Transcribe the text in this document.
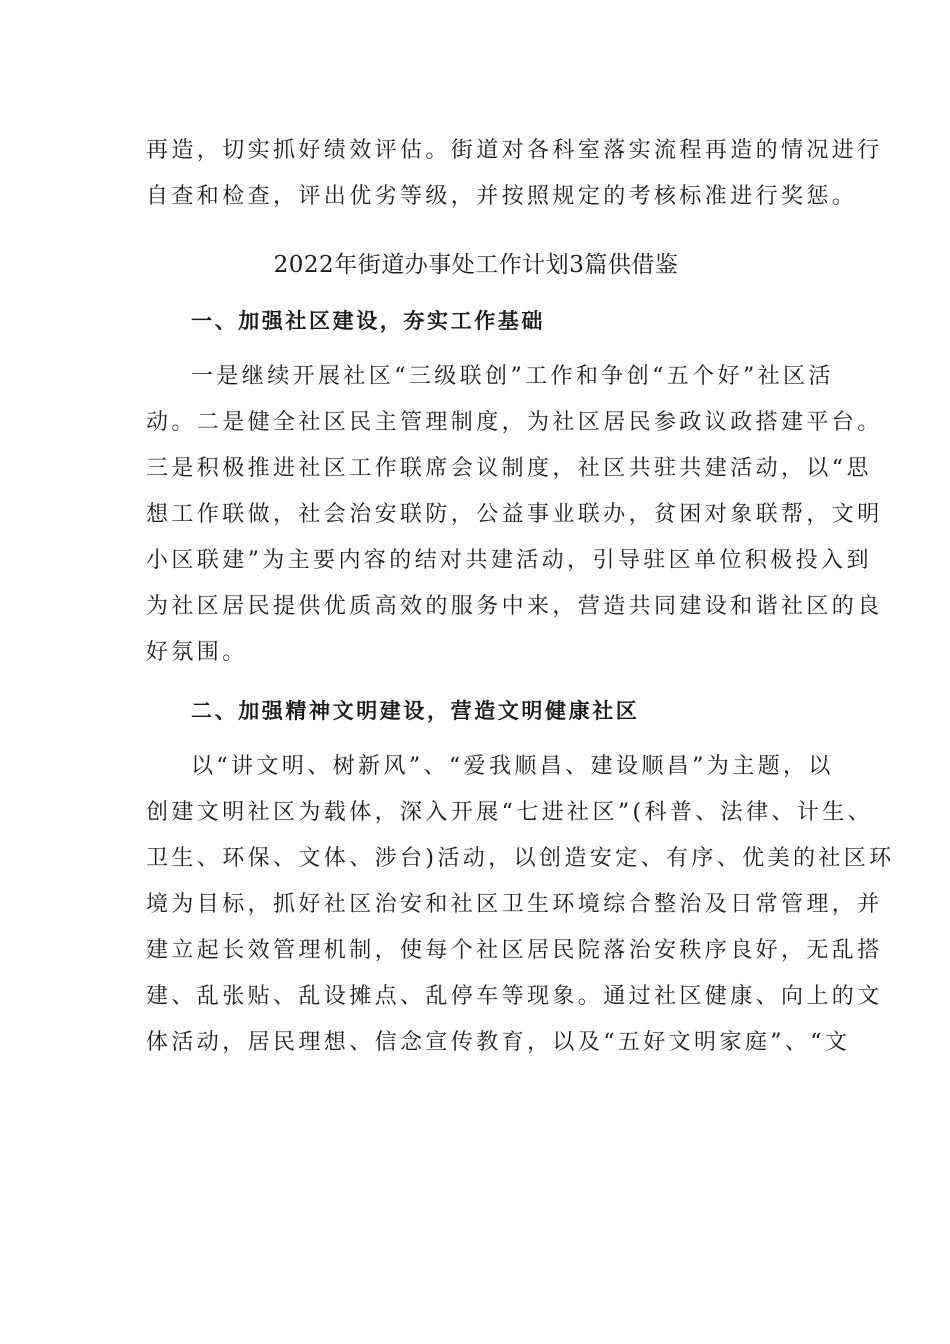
再造，切实抓好绩效评估。街道对各科室落实流程再造的情况进行
自查和检查，评出优劣等级，并按照规定的考核标准进行奖惩。
2022年街道办事处工作计划3篇供借鉴
一、加强社区建设，夯实工作基础
一是继续开展社区“三级联创”工作和争创“五个好”社区活
动。二是健全社区民主管理制度，为社区居民参政议政搭建平台。
三是积极推进社区工作联席会议制度，社区共驻共建活动，以“思
想工作联做，社会治安联防，公益事业联办，贫困对象联帮，文明
小区联建”为主要内容的结对共建活动，引导驻区单位积极投入到
为社区居民提供优质高效的服务中来，营造共同建设和谐社区的良
好氛围。
二、加强精神文明建设，营造文明健康社区
以“讲文明、树新风”、“爱我顺昌、建设顺昌”为主题，以
创建文明社区为载体，深入开展“七进社区”(科普、法律、计生、
卫生、环保、文体、涉台)活动，以创造安定、有序、优美的社区环
境为目标，抓好社区治安和社区卫生环境综合整治及日常管理，并
建立起长效管理机制，使每个社区居民院落治安秩序良好，无乱搭
建、乱张贴、乱设摊点、乱停车等现象。通过社区健康、向上的文
体活动，居民理想、信念宣传教育，以及“五好文明家庭”、“文
